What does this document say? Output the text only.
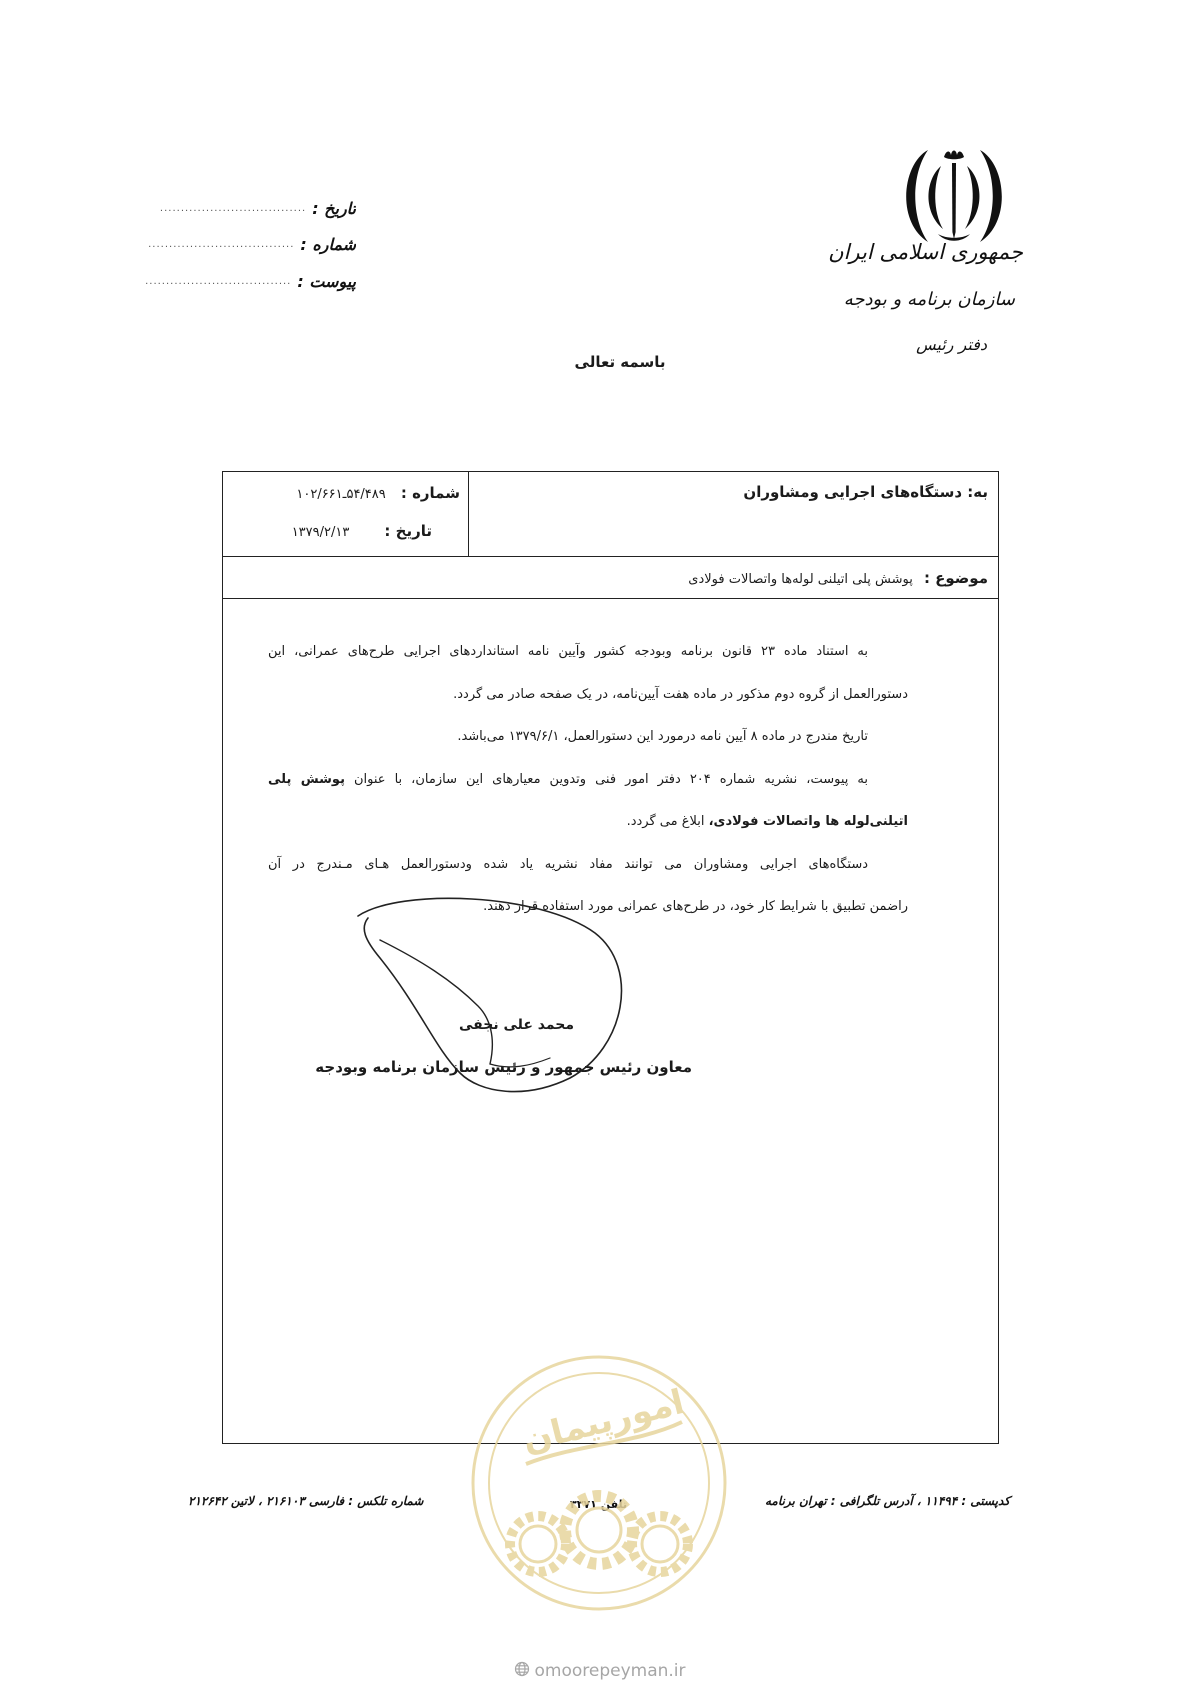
جمهوری اسلامی ایران
سازمان برنامه و بودجه
دفتر رئیس
تاریخ :
...................................
شماره :
...................................
پیوست :
...................................
باسمه تعالی
شماره : ۱۰۲/۶۶۱ـ۵۴/۴۸۹
تاریخ : ۱۳۷۹/۲/۱۳
به: دستگاه‌های اجرایی ومشاوران
موضوع : پوشش پلی اتیلنی لوله‌ها واتصالات فولادی
به استناد ماده ۲۳ قانون برنامه وبودجه کشور وآیین نامه استانداردهای اجرایی طرح‌های عمرانی، این
دستورالعمل از گروه دوم مذکور در ماده هفت آیین‌نامه، در یک صفحه صادر می گردد.
تاریخ مندرج در ماده ۸ آیین نامه درمورد این دستورالعمل، ۱۳۷۹/۶/۱ می‌باشد.
به پیوست، نشریه شماره ۲۰۴ دفتر امور فنی وتدوین معیارهای این سازمان، با عنوان پوشش پلی
اتیلنی‌لوله ها واتصالات فولادی، ابلاغ می گردد.
دستگاه‌های اجرایی ومشاوران می توانند مفاد نشریه یاد شده ودستورالعمل هـای مـندرج در آن
راضمن تطبیق با شرایط کار خود، در طرح‌های عمرانی مورد استفاده قرار دهند.
محمد علی نجفی
معاون رئیس جمهور و رئیس سازمان برنامه وبودجه
کدپستی : ۱۱۴۹۴ ، آدرس تلگرافی : تهران برنامه
تلفن ۳۳۷۱
شماره تلکس : فارسی ۲۱۶۱۰۳ ، لاتین ۲۱۲۶۴۲
امورپیمان
omoorepeyman.ir
